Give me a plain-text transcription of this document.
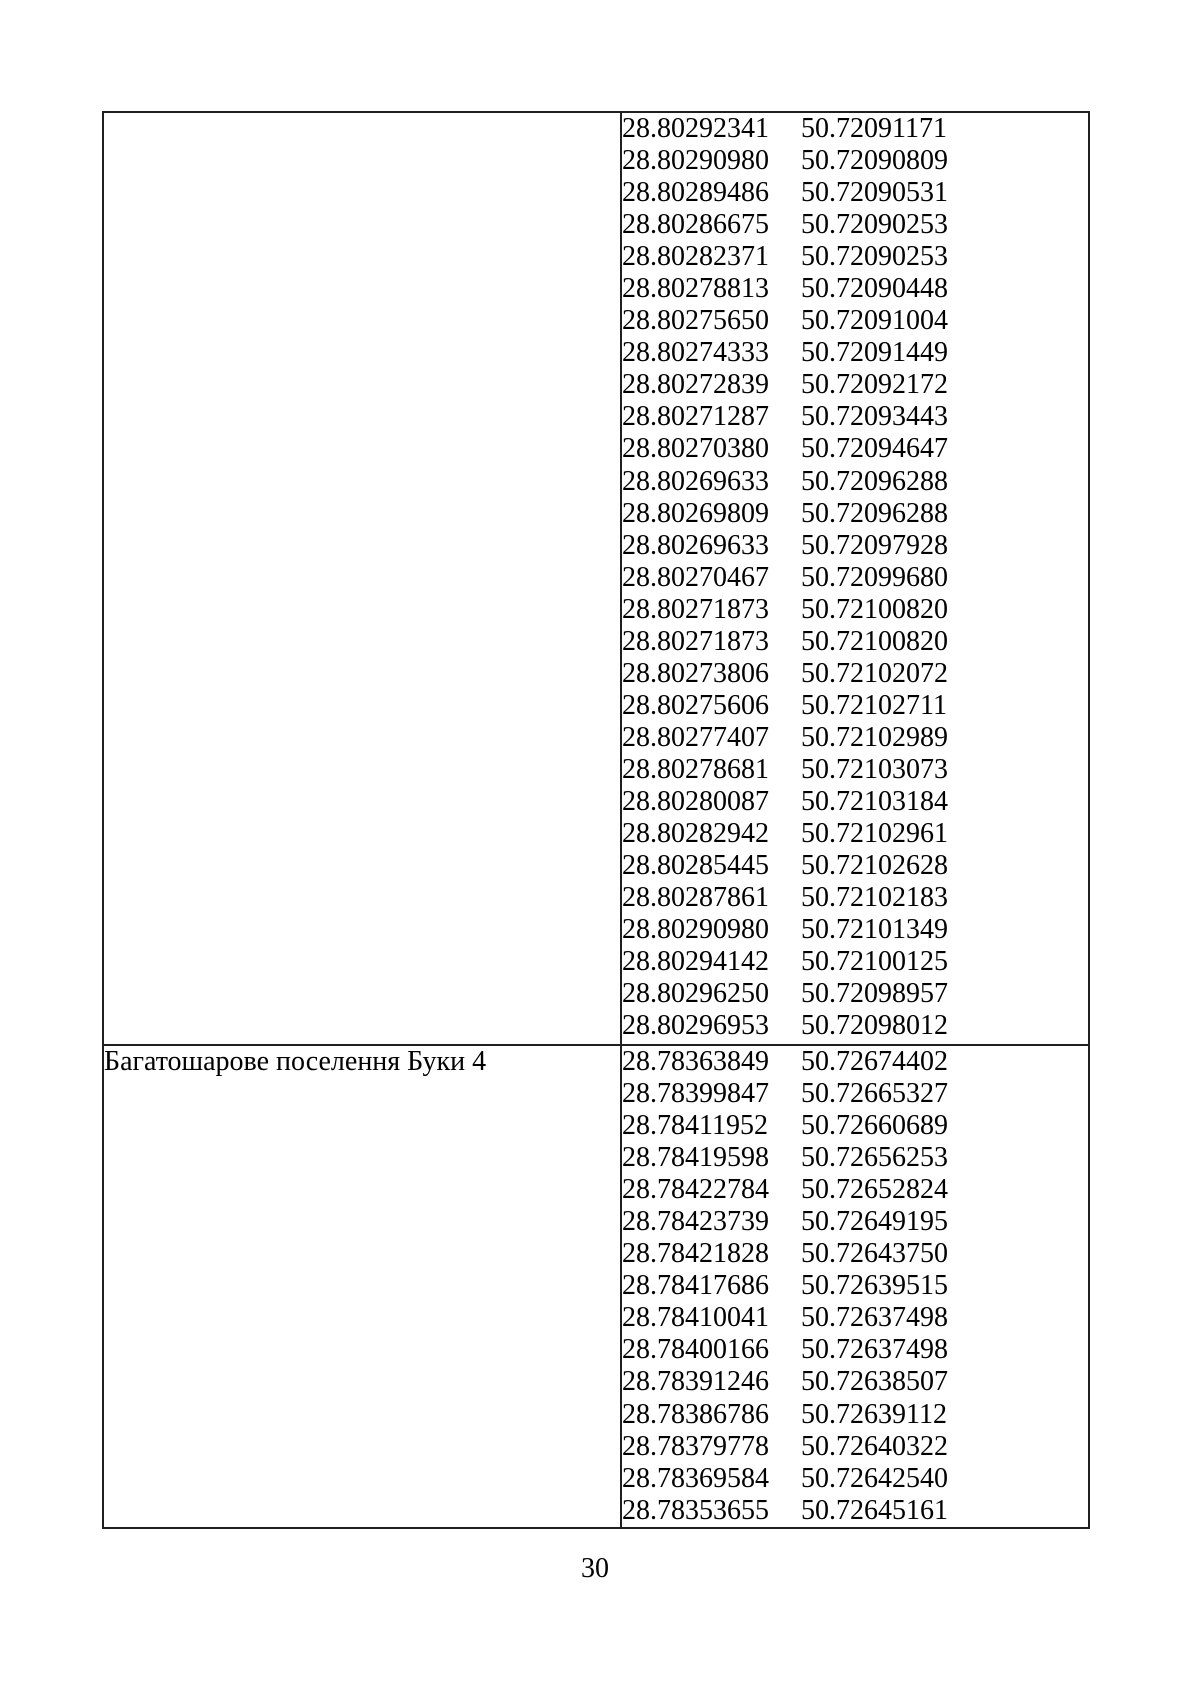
28.80292341 50.72091171
28.80290980 50.72090809
28.80289486 50.72090531
28.80286675 50.72090253
28.80282371 50.72090253
28.80278813 50.72090448
28.80275650 50.72091004
28.80274333 50.72091449
28.80272839 50.72092172
28.80271287 50.72093443
28.80270380 50.72094647
28.80269633 50.72096288
28.80269809 50.72096288
28.80269633 50.72097928
28.80270467 50.72099680
28.80271873 50.72100820
28.80271873 50.72100820
28.80273806 50.72102072
28.80275606 50.72102711
28.80277407 50.72102989
28.80278681 50.72103073
28.80280087 50.72103184
28.80282942 50.72102961
28.80285445 50.72102628
28.80287861 50.72102183
28.80290980 50.72101349
28.80294142 50.72100125
28.80296250 50.72098957
28.80296953 50.72098012

Багатошарове поселення Буки 4	28.78363849 50.72674402
28.78399847 50.72665327
28.78411952 50.72660689
28.78419598 50.72656253
28.78422784 50.72652824
28.78423739 50.72649195
28.78421828 50.72643750
28.78417686 50.72639515
28.78410041 50.72637498
28.78400166 50.72637498
28.78391246 50.72638507
28.78386786 50.72639112
28.78379778 50.72640322
28.78369584 50.72642540
28.78353655 50.72645161
30
